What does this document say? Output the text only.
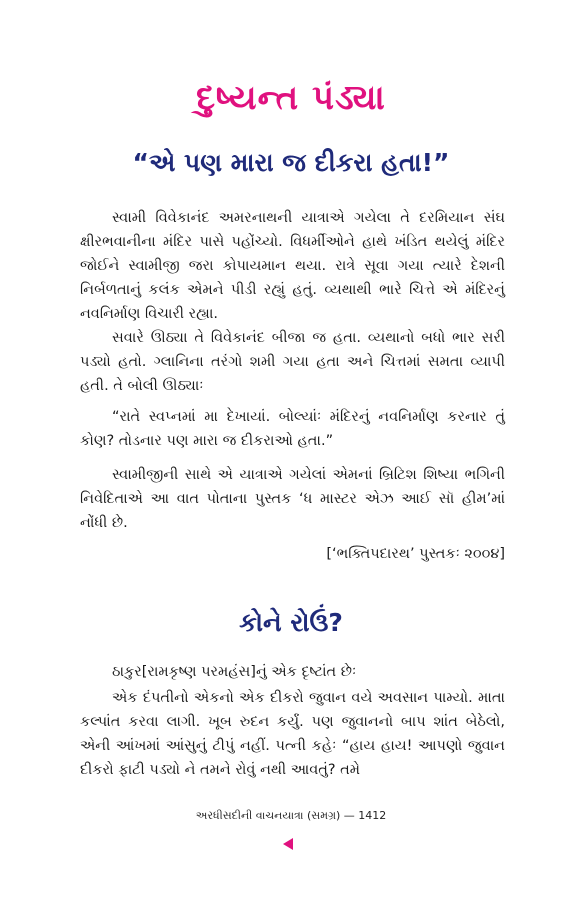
દુષ્યન્ત પંડ્યા
“એ પણ મારા જ દીકરા હતા!”

સ્વામી વિવેકાનંદ અમરનાથની યાત્રાએ ગયેલા તે દરમિયાન સંઘ ક્ષીરભવાનીના મંદિર પાસે પહોંચ્યો. વિધર્મીઓને હાથે ખંડિત થયેલું મંદિર જોઈને સ્વામીજી જરા કોપાયમાન થયા. રાત્રે સૂવા ગયા ત્યારે દેશની નિર્બળતાનું કલંક એમને પીડી રહ્યું હતું. વ્યથાથી ભારે ચિત્તે એ મંદિરનું નવનિર્માણ વિચારી રહ્યા.

સવારે ઊઠ્યા તે વિવેકાનંદ બીજા જ હતા. વ્યથાનો બધો ભાર સરી પડ્યો હતો. ગ્લાનિના તરંગો શમી ગયા હતા અને ચિત્તમાં સમતા વ્યાપી હતી. તે બોલી ઊઠ્યાઃ

“રાતે સ્વપ્નમાં મા દેખાયાં. બોલ્યાંઃ મંદિરનું નવનિર્માણ કરનાર તું કોણ? તોડનાર પણ મારા જ દીકરાઓ હતા.”

સ્વામીજીની સાથે એ યાત્રાએ ગયેલાં એમનાં બ્રિટિશ શિષ્યા ભગિની નિવેદિતાએ આ વાત પોતાના પુસ્તક ‘ધ માસ્ટર એઝ આઈ સૉ હીમ’માં નોંધી છે.

[‘ભક્તિપદારથ’ પુસ્તકઃ ૨૦૦૪]

કોને રોઉં?

ઠાકુર[રામકૃષ્ણ પરમહંસ]નું એક દૃષ્ટાંત છેઃ

એક દંપતીનો એકનો એક દીકરો જુવાન વયે અવસાન પામ્યો. માતા કલ્પાંત કરવા લાગી. ખૂબ રુદન કર્યું. પણ જુવાનનો બાપ શાંત બેઠેલો, એની આંખમાં આંસુનું ટીપું નહીં. પત્ની કહેઃ “હાય હાય! આપણો જુવાન દીકરો ફાટી પડ્યો ને તમને રોવું નથી આવતું? તમે

અરધીસદીની વાચનયાત્રા (સમગ્ર) — 1412
